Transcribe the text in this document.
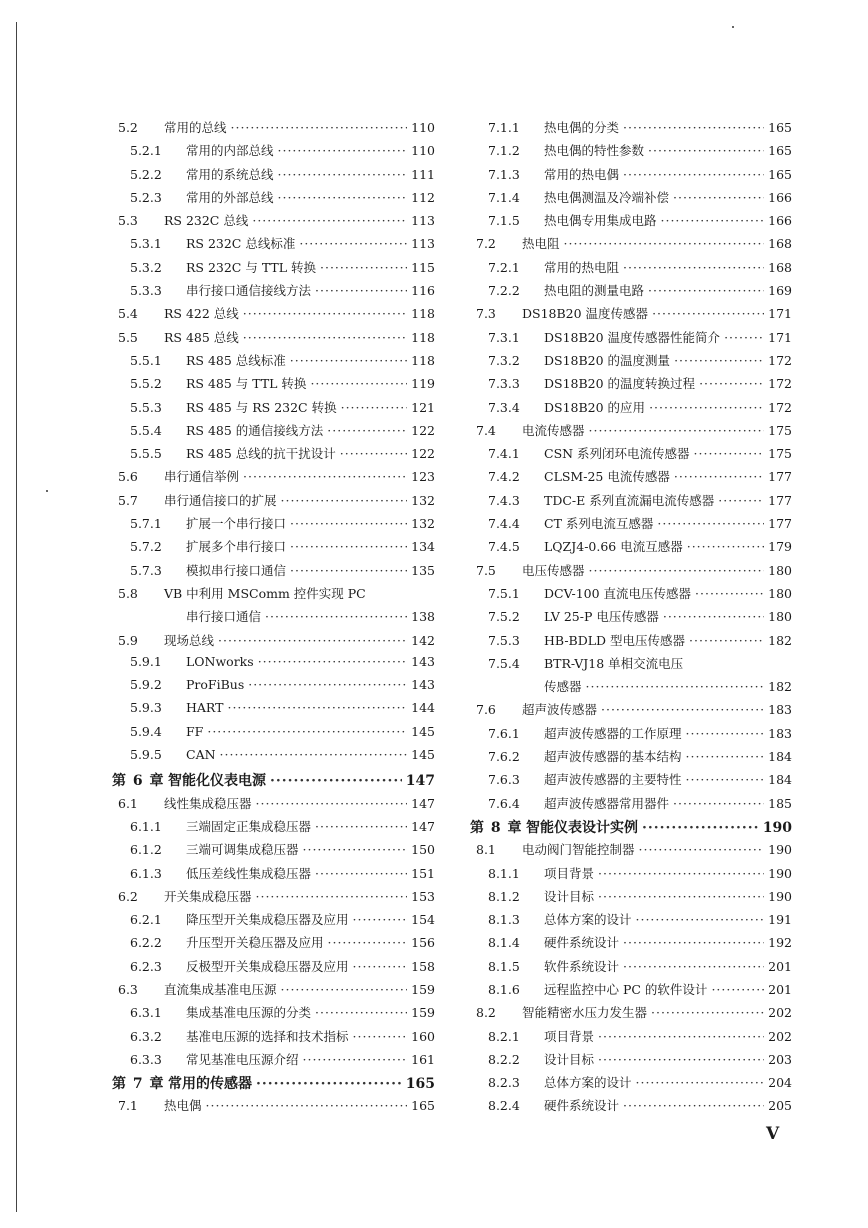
5.2	常用的总线 ·····	110
5.2.1	常用的内部总线 ·····	110
5.2.2	常用的系统总线 ·····	111
5.2.3	常用的外部总线 ·····	112
5.3	RS 232C 总线 ·····	113
5.3.1	RS 232C 总线标准 ·····	113
5.3.2	RS 232C 与 TTL 转换 ·····	115
5.3.3	串行接口通信接线方法 ·····	116
5.4	RS 422 总线 ·····	118
5.5	RS 485 总线 ·····	118
5.5.1	RS 485 总线标准 ·····	118
5.5.2	RS 485 与 TTL 转换 ·····	119
5.5.3	RS 485 与 RS 232C 转换 ·····	121
5.5.4	RS 485 的通信接线方法 ·····	122
5.5.5	RS 485 总线的抗干扰设计 ·····	122
5.6	串行通信举例 ·····	123
5.7	串行通信接口的扩展 ·····	132
5.7.1	扩展一个串行接口 ·····	132
5.7.2	扩展多个串行接口 ·····	134
5.7.3	模拟串行接口通信 ·····	135
5.8	VB 中利用 MSComm 控件实现 PC
串行接口通信 ·····	138
5.9	现场总线 ·····	142
5.9.1	LONworks ·····	143
5.9.2	ProFiBus ·····	143
5.9.3	HART ·····	144
5.9.4	FF ·····	145
5.9.5	CAN ·····	145
第 6 章 智能化仪表电源 ·····	147
6.1	线性集成稳压器 ·····	147
6.1.1	三端固定正集成稳压器 ·····	147
6.1.2	三端可调集成稳压器 ·····	150
6.1.3	低压差线性集成稳压器 ·····	151
6.2	开关集成稳压器 ·····	153
6.2.1	降压型开关集成稳压器及应用 ·····	154
6.2.2	升压型开关稳压器及应用 ·····	156
6.2.3	反极型开关集成稳压器及应用 ·····	158
6.3	直流集成基准电压源 ·····	159
6.3.1	集成基准电压源的分类 ·····	159
6.3.2	基准电压源的选择和技术指标 ·····	160
6.3.3	常见基准电压源介绍 ·····	161
第 7 章 常用的传感器 ·····	165
7.1	热电偶 ·····	165
7.1.1	热电偶的分类 ·····	165
7.1.2	热电偶的特性参数 ·····	165
7.1.3	常用的热电偶 ·····	165
7.1.4	热电偶测温及冷端补偿 ·····	166
7.1.5	热电偶专用集成电路 ·····	166
7.2	热电阻 ·····	168
7.2.1	常用的热电阻 ·····	168
7.2.2	热电阻的测量电路 ·····	169
7.3	DS18B20 温度传感器 ·····	171
7.3.1	DS18B20 温度传感器性能简介 ·····	171
7.3.2	DS18B20 的温度测量 ·····	172
7.3.3	DS18B20 的温度转换过程 ·····	172
7.3.4	DS18B20 的应用 ·····	172
7.4	电流传感器 ·····	175
7.4.1	CSN 系列闭环电流传感器 ·····	175
7.4.2	CLSM-25 电流传感器 ·····	177
7.4.3	TDC-E 系列直流漏电流传感器 ·····	177
7.4.4	CT 系列电流互感器 ·····	177
7.4.5	LQZJ4-0.66 电流互感器 ·····	179
7.5	电压传感器 ·····	180
7.5.1	DCV-100 直流电压传感器 ·····	180
7.5.2	LV 25-P 电压传感器 ·····	180
7.5.3	HB-BDLD 型电压传感器 ·····	182
7.5.4	BTR-VJ18 单相交流电压
传感器 ·····	182
7.6	超声波传感器 ·····	183
7.6.1	超声波传感器的工作原理 ·····	183
7.6.2	超声波传感器的基本结构 ·····	184
7.6.3	超声波传感器的主要特性 ·····	184
7.6.4	超声波传感器常用器件 ·····	185
第 8 章 智能仪表设计实例 ·····	190
8.1	电动阀门智能控制器 ·····	190
8.1.1	项目背景 ·····	190
8.1.2	设计目标 ·····	190
8.1.3	总体方案的设计 ·····	191
8.1.4	硬件系统设计 ·····	192
8.1.5	软件系统设计 ·····	201
8.1.6	远程监控中心 PC 的软件设计 ·····	201
8.2	智能精密水压力发生器 ·····	202
8.2.1	项目背景 ·····	202
8.2.2	设计目标 ·····	203
8.2.3	总体方案的设计 ·····	204
8.2.4	硬件系统设计 ·····	205
V
